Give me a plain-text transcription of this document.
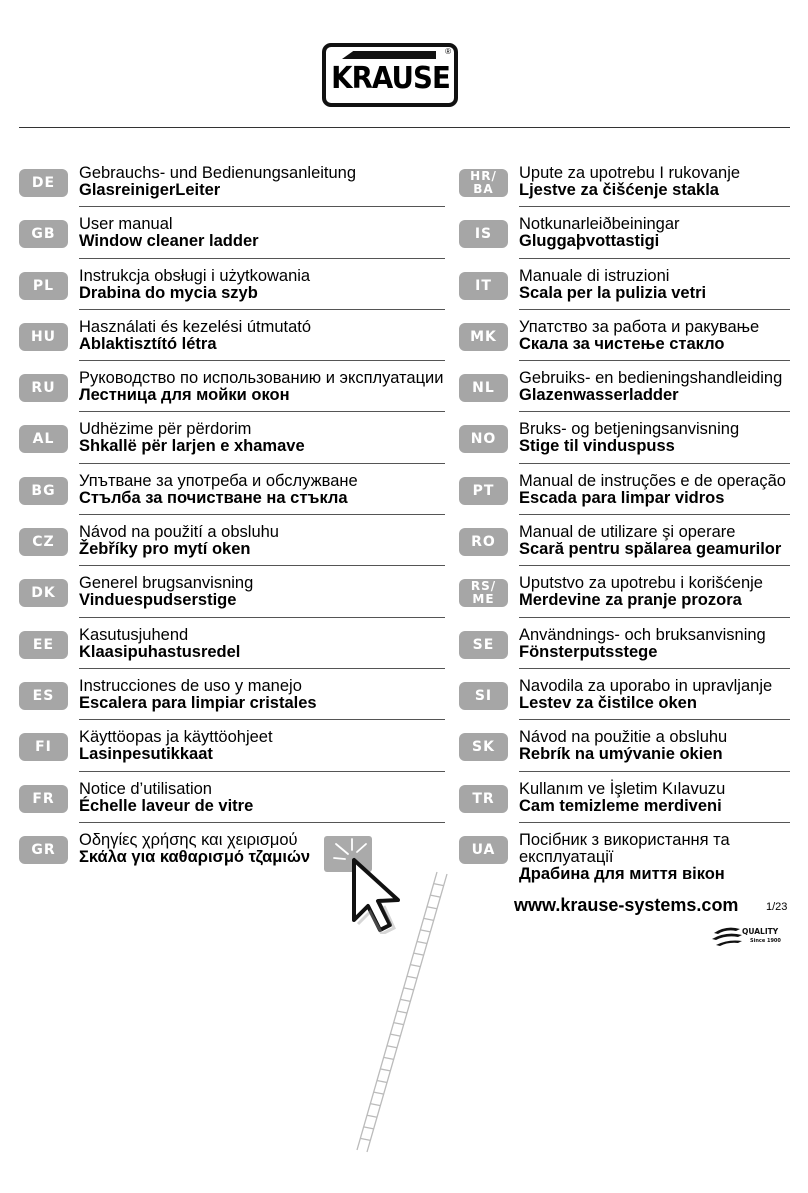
KRAUSE
®
DE
Gebrauchs- und Bedienungsanleitung
GlasreinigerLeiter
GB
User manual
Window cleaner ladder
PL
Instrukcja obsługi i użytkowania
Drabina do mycia szyb
HU
Használati és kezelési útmutató
Ablaktisztító létra
RU
Руководство по использованию и эксплуатации
Лестница для мойки окон
AL
Udhëzime për përdorim
Shkallë për larjen e xhamave
BG
Упътване за употреба и обслужване
Стълба за почистване на стъкла
CZ
Návod na použití a obsluhu
Žebříky pro mytí oken
DK
Generel brugsanvisning
Vinduespudserstige
EE
Kasutusjuhend
Klaasipuhastusredel
ES
Instrucciones de uso y manejo
Escalera para limpiar cristales
FI
Käyttöopas ja käyttöohjeet
Lasinpesutikkaat
FR
Notice d’utilisation
Échelle laveur de vitre
GR
Οδηγίες χρήσης και χειρισμού
Σκάλα για καθαρισμό τζαμιών
HR/
BA
Upute za upotrebu I rukovanje
Ljestve za čišćenje stakla
IS
Notkunarleiðbeiningar
Gluggaþvottastigi
IT
Manuale di istruzioni
Scala per la pulizia vetri
MK
Упатство за работа и ракување
Скала за чистење стакло
NL
Gebruiks- en bedieningshandleiding
Glazenwasserladder
NO
Bruks- og betjeningsanvisning
Stige til vinduspuss
PT
Manual de instruções e de operação
Escada para limpar vidros
RO
Manual de utilizare şi operare
Scară pentru spălarea geamurilor
RS/
ME
Uputstvo za upotrebu i korišćenje
Merdevine za pranje prozora
SE
Användnings- och bruksanvisning
Fönsterputsstege
SI
Navodila za uporabo in upravljanje
Lestev za čistilce oken
SK
Návod na použitie a obsluhu
Rebrík na umývanie okien
TR
Kullanım ve İşletim Kılavuzu
Cam temizleme merdiveni
UA
Посібник з використання та
експлуатації
Драбина для миття вікон
www.krause-systems.com	1/23
QUALITY
Since 1900
